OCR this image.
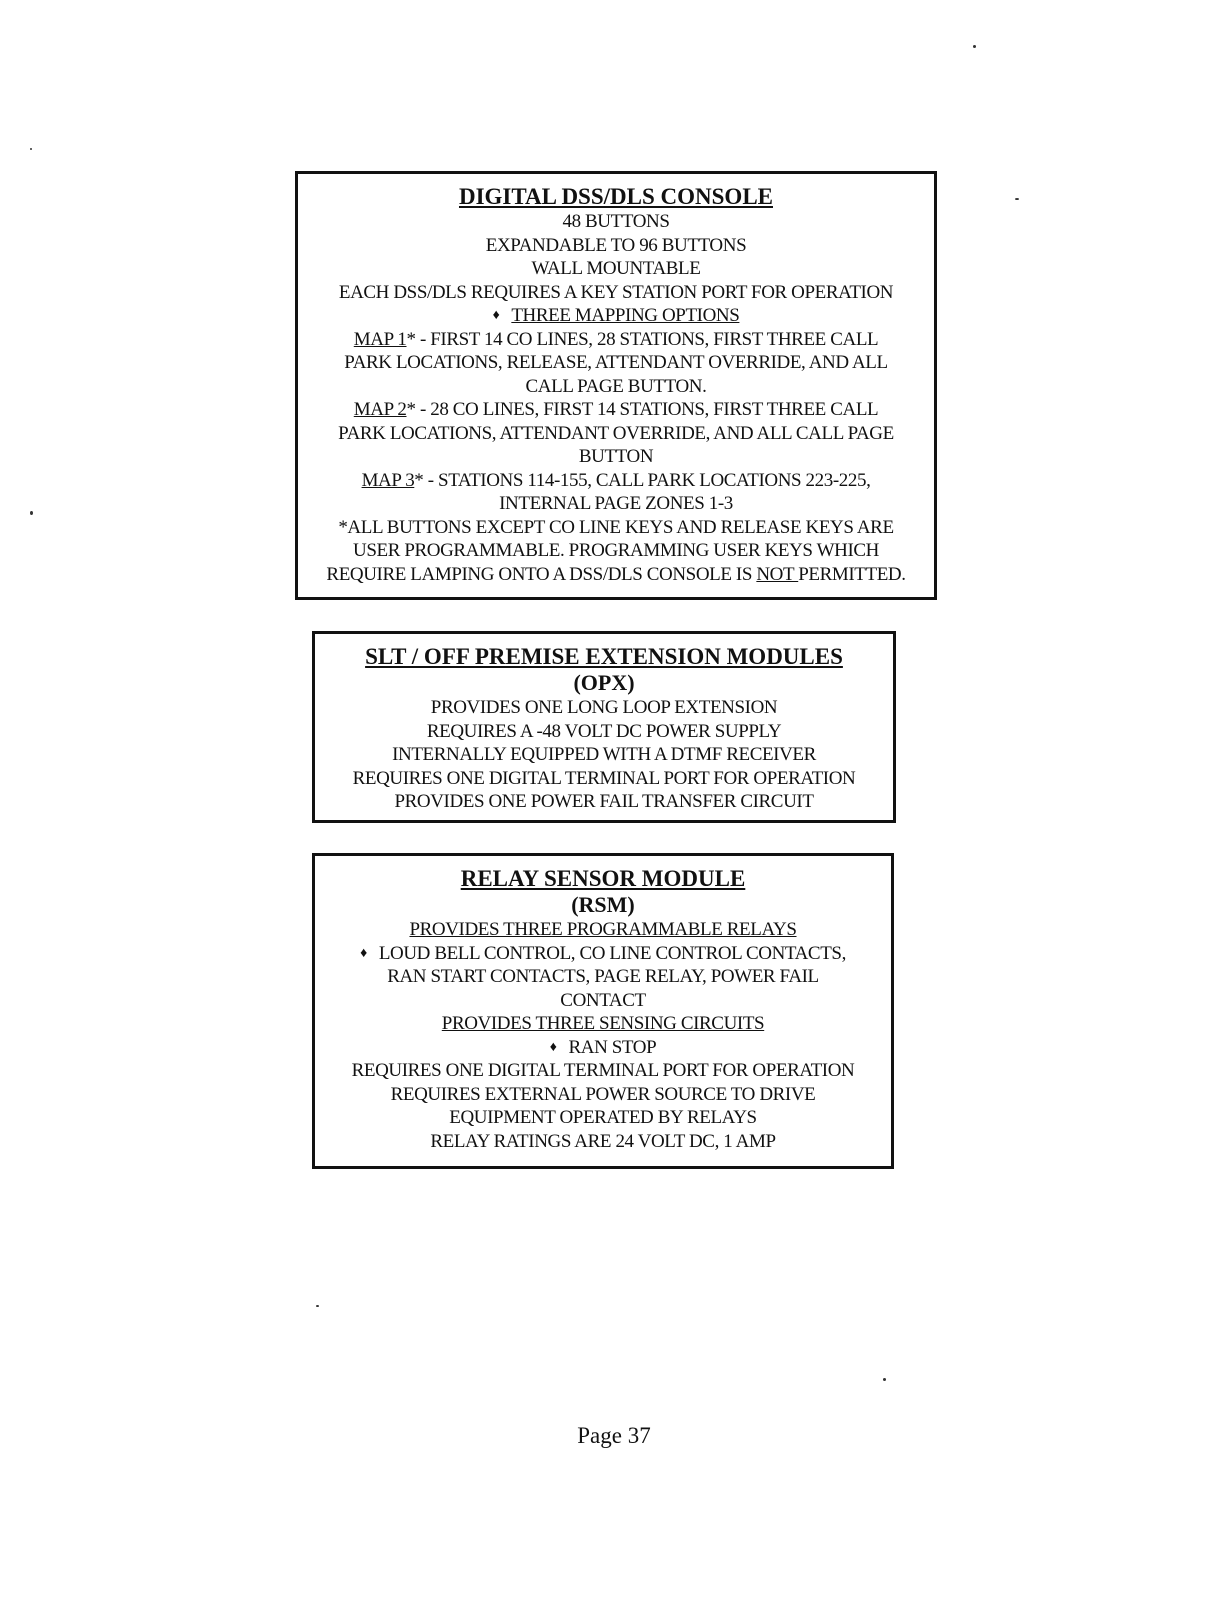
DIGITAL DSS/DLS CONSOLE
48 BUTTONS
EXPANDABLE TO 96 BUTTONS
WALL MOUNTABLE
EACH DSS/DLS REQUIRES A KEY STATION PORT FOR OPERATION
♦ THREE MAPPING OPTIONS
MAP 1* - FIRST 14 CO LINES, 28 STATIONS, FIRST THREE CALL
PARK LOCATIONS, RELEASE, ATTENDANT OVERRIDE, AND ALL
CALL PAGE BUTTON.
MAP 2* - 28 CO LINES, FIRST 14 STATIONS, FIRST THREE CALL
PARK LOCATIONS, ATTENDANT OVERRIDE, AND ALL CALL PAGE
BUTTON
MAP 3* - STATIONS 114-155, CALL PARK LOCATIONS 223-225,
INTERNAL PAGE ZONES 1-3
*ALL BUTTONS EXCEPT CO LINE KEYS AND RELEASE KEYS ARE
USER PROGRAMMABLE. PROGRAMMING USER KEYS WHICH
REQUIRE LAMPING ONTO A DSS/DLS CONSOLE IS NOT PERMITTED.
SLT / OFF PREMISE EXTENSION MODULES
(OPX)
PROVIDES ONE LONG LOOP EXTENSION
REQUIRES A -48 VOLT DC POWER SUPPLY
INTERNALLY EQUIPPED WITH A DTMF RECEIVER
REQUIRES ONE DIGITAL TERMINAL PORT FOR OPERATION
PROVIDES ONE POWER FAIL TRANSFER CIRCUIT
RELAY SENSOR MODULE
(RSM)
PROVIDES THREE PROGRAMMABLE RELAYS
♦ LOUD BELL CONTROL, CO LINE CONTROL CONTACTS,
RAN START CONTACTS, PAGE RELAY, POWER FAIL
CONTACT
PROVIDES THREE SENSING CIRCUITS
♦ RAN STOP
REQUIRES ONE DIGITAL TERMINAL PORT FOR OPERATION
REQUIRES EXTERNAL POWER SOURCE TO DRIVE
EQUIPMENT OPERATED BY RELAYS
RELAY RATINGS ARE 24 VOLT DC, 1 AMP
Page 37
